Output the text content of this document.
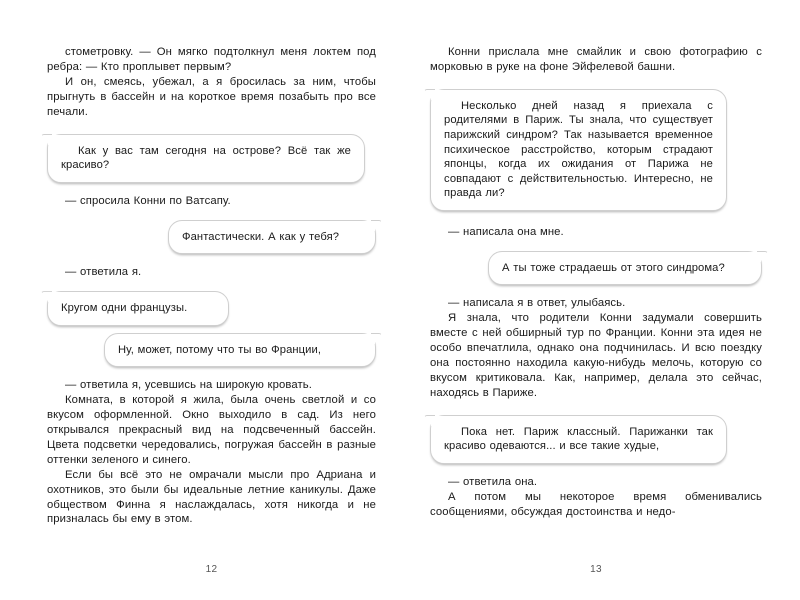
стометровку. — Он мягко подтолкнул меня локтем под ребра: — Кто проплывет первым?

И он, смеясь, убежал, а я бросилась за ним, чтобы прыгнуть в бассейн и на короткое время позабыть про все печали.

Как у вас там сегодня на острове? Всё так же красиво?

— спросила Конни по Ватсапу.

Фантастически. А как у тебя?

— ответила я.

Кругом одни французы.
Ну, может, потому что ты во Франции,

— ответила я, усевшись на широкую кровать.

Комната, в которой я жила, была очень светлой и со вкусом оформленной. Окно выходило в сад. Из него открывался прекрасный вид на подсвеченный бассейн. Цвета подсветки чередовались, погружая бассейн в разные оттенки зеленого и синего.

Если бы всё это не омрачали мысли про Адриана и охотников, это были бы идеальные летние каникулы. Даже обществом Финна я наслаждалась, хотя никогда и не призналась бы ему в этом.

12

Конни прислала мне смайлик и свою фотографию с морковью в руке на фоне Эйфелевой башни.

Несколько дней назад я приехала с родителями в Париж. Ты знала, что существует парижский синдром? Так называется временное психическое расстройство, которым страдают японцы, когда их ожидания от Парижа не совпадают с действительностью. Интересно, не правда ли?

— написала она мне.

А ты тоже страдаешь от этого синдрома?

— написала я в ответ, улыбаясь.

Я знала, что родители Конни задумали совершить вместе с ней обширный тур по Франции. Конни эта идея не особо впечатлила, однако она подчинилась. И всю поездку она постоянно находила какую-нибудь мелочь, которую со вкусом критиковала. Как, например, делала это сейчас, находясь в Париже.

Пока нет. Париж классный. Парижанки так красиво одеваются... и все такие худые,

— ответила она.

А потом мы некоторое время обменивались сообщениями, обсуждая достоинства и недо-

13
